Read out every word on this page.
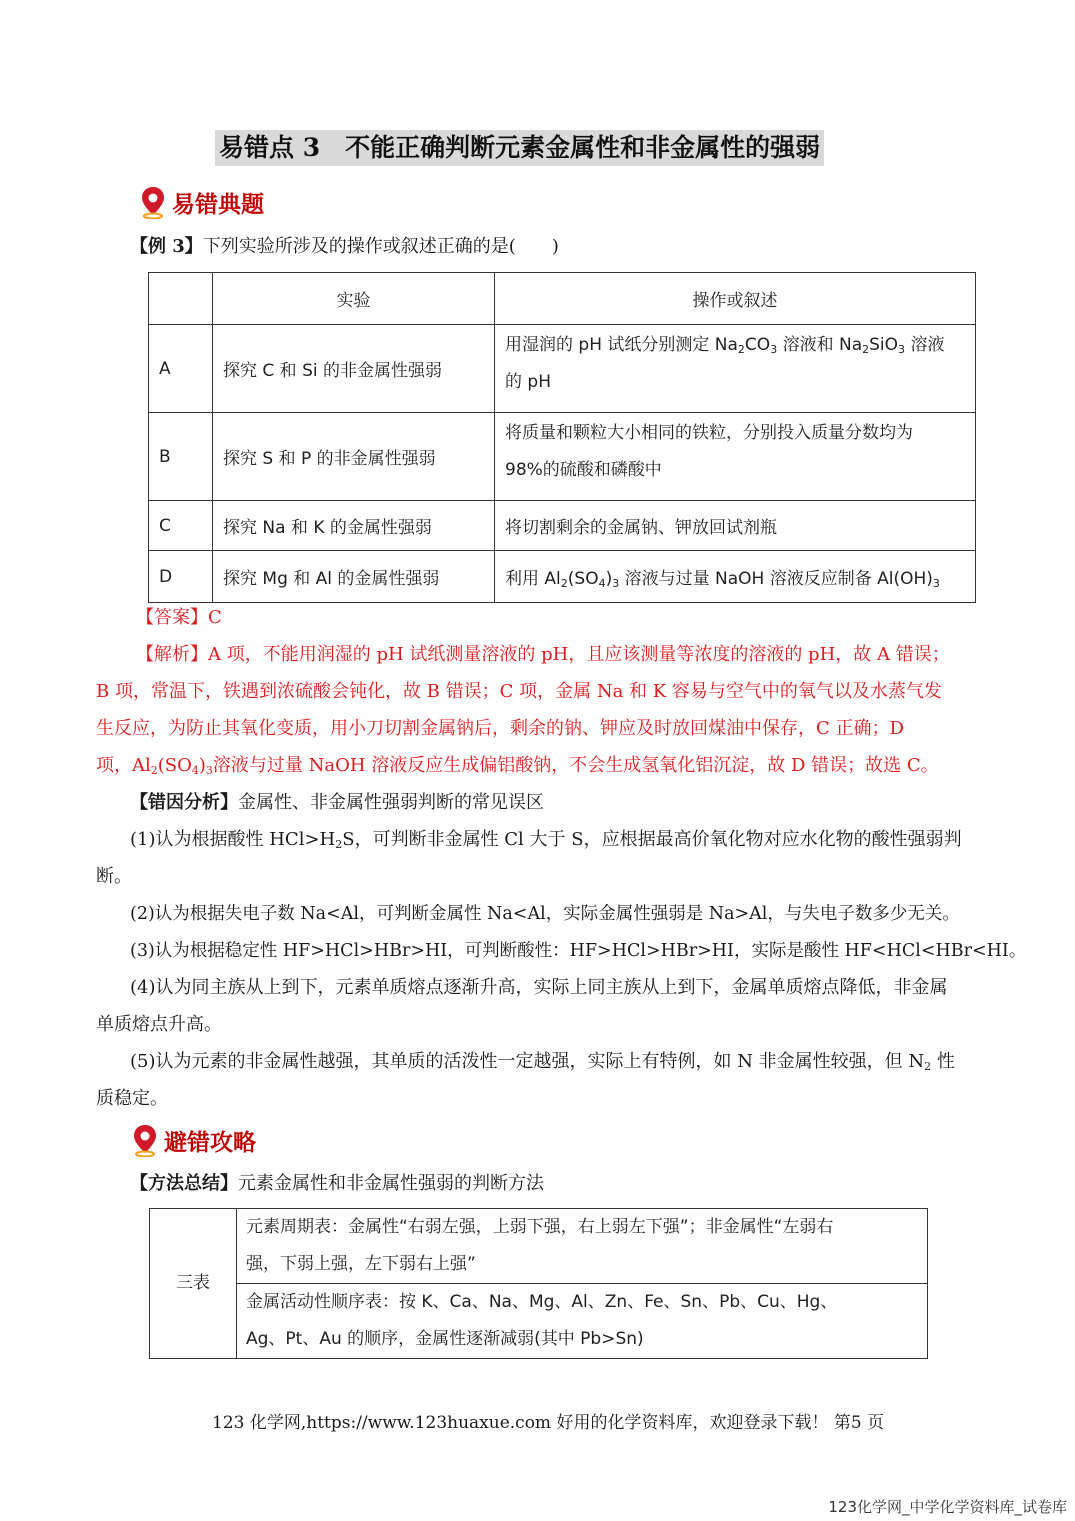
易错点 3　不能正确判断元素金属性和非金属性的强弱
易错典题
【例 3】下列实验所涉及的操作或叙述正确的是(　　)
	实验	操作或叙述
A	探究 C 和 Si 的非金属性强弱	用湿润的 pH 试纸分别测定 $Na_2CO_3$ 溶液和 $Na_2SiO_3$ 溶液
的 pH

B	探究 S 和 P 的非金属性强弱	将质量和颗粒大小相同的铁粒，分别投入质量分数均为
98%的硫酸和磷酸中

C	探究 Na 和 K 的金属性强弱	将切割剩余的金属钠、钾放回试剂瓶
D	探究 Mg 和 Al 的金属性强弱	利用 $Al_2(SO_4)_3$ 溶液与过量 NaOH 溶液反应制备 $Al(OH)_3$
【答案】C
【解析】A 项，不能用润湿的 pH 试纸测量溶液的 pH，且应该测量等浓度的溶液的 pH，故 A 错误；
B 项，常温下，铁遇到浓硫酸会钝化，故 B 错误；C 项，金属 Na 和 K 容易与空气中的氧气以及水蒸气发
生反应，为防止其氧化变质，用小刀切割金属钠后，剩余的钠、钾应及时放回煤油中保存，C 正确；D
项，$Al_2(SO_4)_3$溶液与过量 NaOH 溶液反应生成偏铝酸钠，不会生成氢氧化铝沉淀，故 D 错误；故选 C。
【错因分析】金属性、非金属性强弱判断的常见误区
(1)认为根据酸性 $HCl>H_2S$，可判断非金属性 Cl 大于 S，应根据最高价氧化物对应水化物的酸性强弱判
断。
(2)认为根据失电子数 Na<Al，可判断金属性 Na<Al，实际金属性强弱是 Na>Al，与失电子数多少无关。
(3)认为根据稳定性 HF>HCl>HBr>HI，可判断酸性：HF>HCl>HBr>HI，实际是酸性 HF<HCl<HBr<HI。
(4)认为同主族从上到下，元素单质熔点逐渐升高，实际上同主族从上到下，金属单质熔点降低，非金属
单质熔点升高。
(5)认为元素的非金属性越强，其单质的活泼性一定越强，实际上有特例，如 N 非金属性较强，但 $N_2$ 性
质稳定。
避错攻略
【方法总结】元素金属性和非金属性强弱的判断方法
三表	
元素周期表：金属性“右弱左强，上弱下强，右上弱左下强”；非金属性“左弱右
强，下弱上强，左下弱右上强”

金属活动性顺序表：按 K、Ca、Na、Mg、Al、Zn、Fe、Sn、Pb、Cu、Hg、
Ag、Pt、Au 的顺序，金属性逐渐减弱(其中 Pb>Sn)
123 化学网,https://www.123huaxue.com 好用的化学资料库，欢迎登录下载！ 第5 页
123化学网_中学化学资料库_试卷库
